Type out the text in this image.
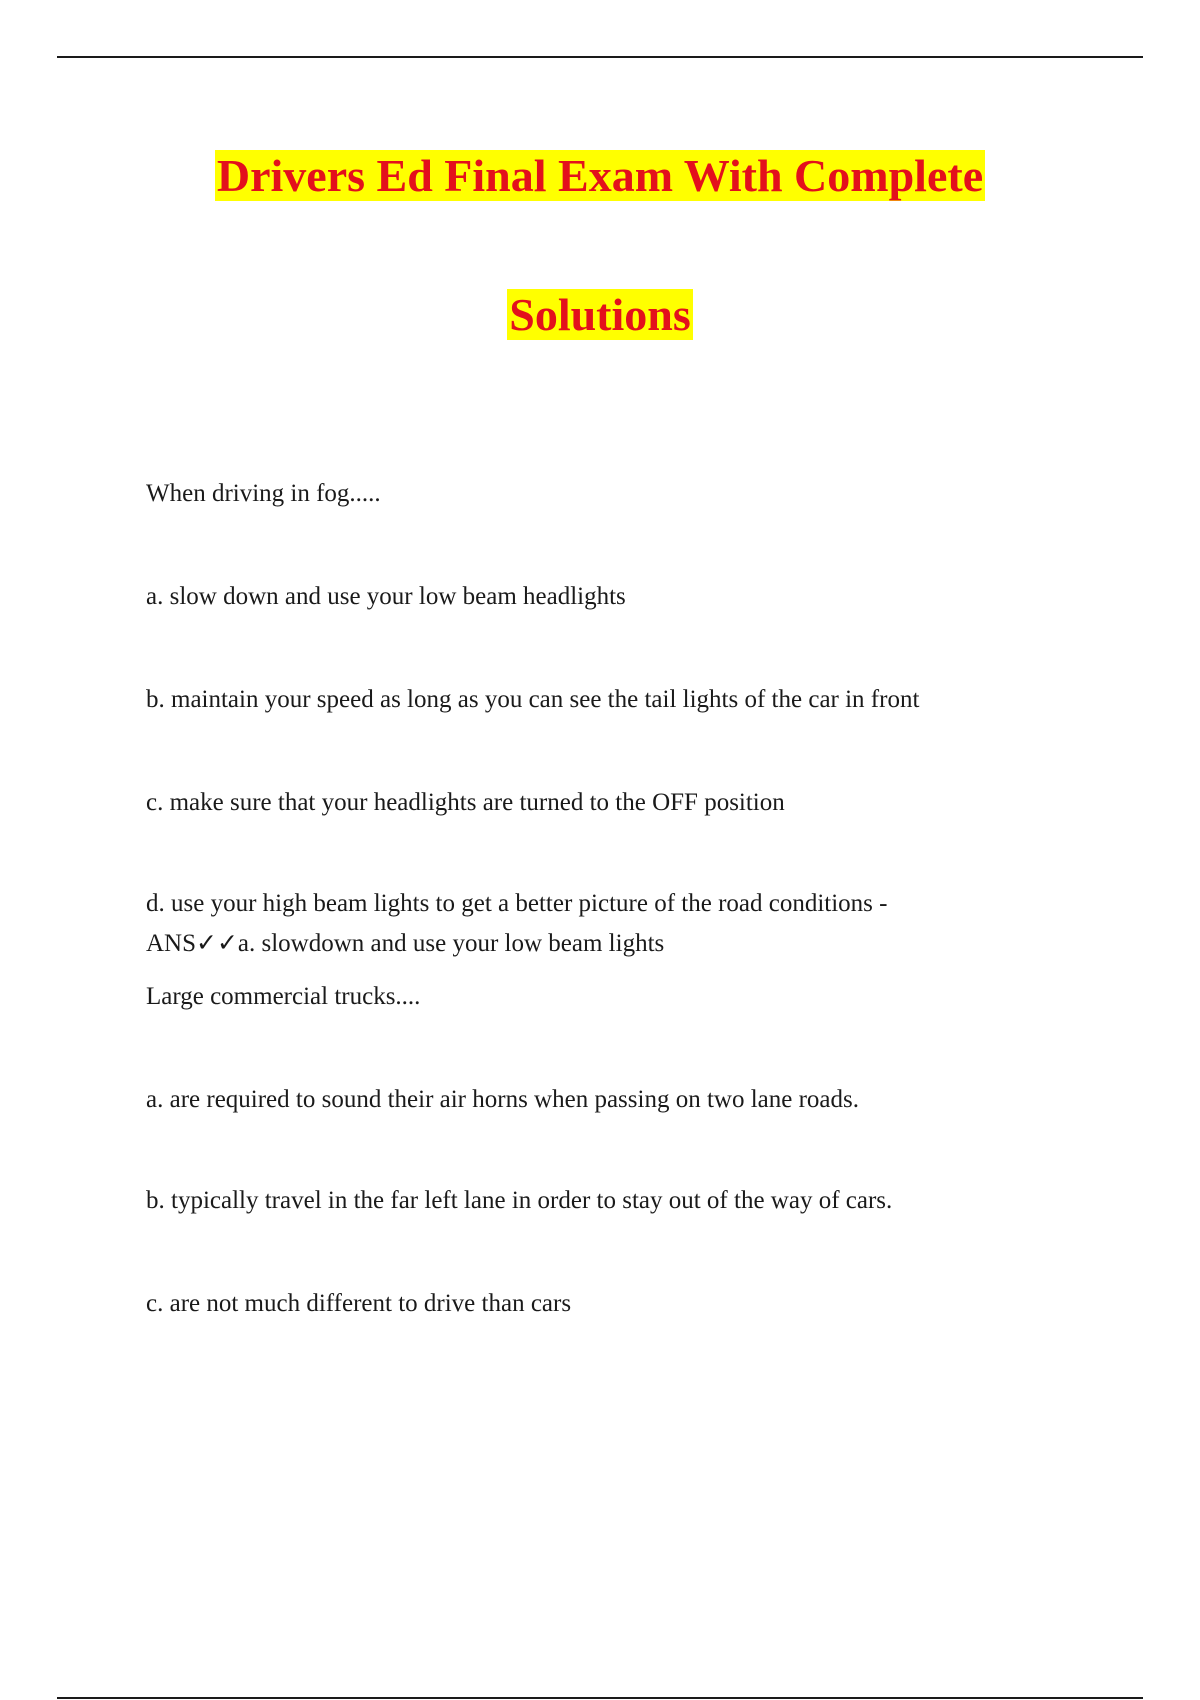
Drivers Ed Final Exam With Complete
Solutions

When driving in fog.....

a. slow down and use your low beam headlights

b. maintain your speed as long as you can see the tail lights of the car in front

c. make sure that your headlights are turned to the OFF position

d. use your high beam lights to get a better picture of the road conditions -

ANS✓✓a. slowdown and use your low beam lights

Large commercial trucks....

a. are required to sound their air horns when passing on two lane roads.

b. typically travel in the far left lane in order to stay out of the way of cars.

c. are not much different to drive than cars
